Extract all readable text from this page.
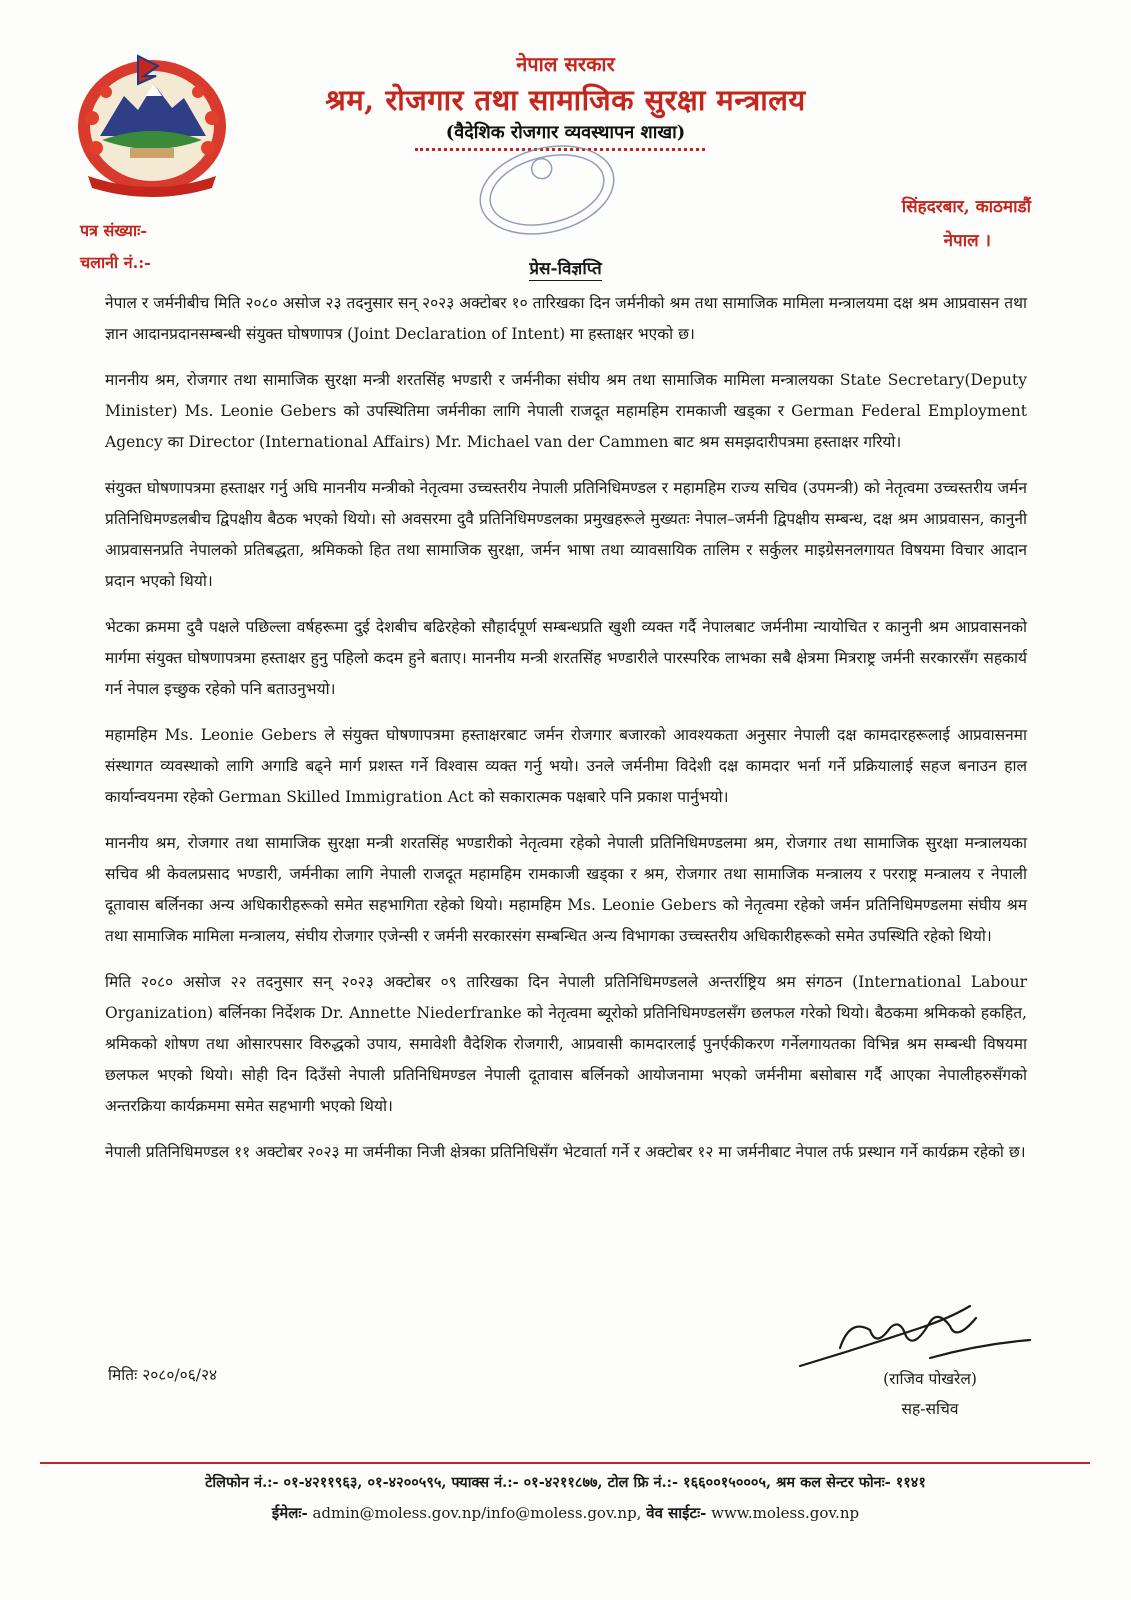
नेपाल सरकार
श्रम, रोजगार तथा सामाजिक सुरक्षा मन्त्रालय
(वैदेशिक रोजगार व्यवस्थापन शाखा)
पत्र संख्याः-
चलानी नं.:-
सिंहदरबार, काठमाडौं
नेपाल ।
प्रेस-विज्ञप्ति

नेपाल र जर्मनीबीच मिति २०८० असोज २३ तदनुसार सन् २०२३ अक्टोबर १० तारिखका दिन जर्मनीको श्रम तथा सामाजिक मामिला मन्त्रालयमा दक्ष श्रम आप्रवासन तथा ज्ञान आदानप्रदानसम्बन्धी संयुक्त घोषणापत्र (Joint Declaration of Intent) मा हस्ताक्षर भएको छ।

माननीय श्रम, रोजगार तथा सामाजिक सुरक्षा मन्त्री शरतसिंह भण्डारी र जर्मनीका संघीय श्रम तथा सामाजिक मामिला मन्त्रालयका State Secretary(Deputy Minister) Ms. Leonie Gebers को उपस्थितिमा जर्मनीका लागि नेपाली राजदूत महामहिम रामकाजी खड्का र German Federal Employment Agency का Director (International Affairs) Mr. Michael van der Cammen बाट श्रम समझदारीपत्रमा हस्ताक्षर गरियो।

संयुक्त घोषणापत्रमा हस्ताक्षर गर्नु अघि माननीय मन्त्रीको नेतृत्वमा उच्चस्तरीय नेपाली प्रतिनिधिमण्डल र महामहिम राज्य सचिव (उपमन्त्री) को नेतृत्वमा उच्चस्तरीय जर्मन प्रतिनिधिमण्डलबीच द्विपक्षीय बैठक भएको थियो। सो अवसरमा दुवै प्रतिनिधिमण्डलका प्रमुखहरूले मुख्यतः नेपाल–जर्मनी द्विपक्षीय सम्बन्ध, दक्ष श्रम आप्रवासन, कानुनी आप्रवासनप्रति नेपालको प्रतिबद्धता, श्रमिकको हित तथा सामाजिक सुरक्षा, जर्मन भाषा तथा व्यावसायिक तालिम र सर्कुलर माइग्रेसनलगायत विषयमा विचार आदान प्रदान भएको थियो।

भेटका क्रममा दुवै पक्षले पछिल्ला वर्षहरूमा दुई देशबीच बढिरहेको सौहार्दपूर्ण सम्बन्धप्रति खुशी व्यक्त गर्दै नेपालबाट जर्मनीमा न्यायोचित र कानुनी श्रम आप्रवासनको मार्गमा संयुक्त घोषणापत्रमा हस्ताक्षर हुनु पहिलो कदम हुने बताए। माननीय मन्त्री शरतसिंह भण्डारीले पारस्परिक लाभका सबै क्षेत्रमा मित्रराष्ट्र जर्मनी सरकारसँग सहकार्य गर्न नेपाल इच्छुक रहेको पनि बताउनुभयो।

महामहिम Ms. Leonie Gebers ले संयुक्त घोषणापत्रमा हस्ताक्षरबाट जर्मन रोजगार बजारको आवश्यकता अनुसार नेपाली दक्ष कामदारहरूलाई आप्रवासनमा संस्थागत व्यवस्थाको लागि अगाडि बढ्ने मार्ग प्रशस्त गर्ने विश्वास व्यक्त गर्नु भयो। उनले जर्मनीमा विदेशी दक्ष कामदार भर्ना गर्ने प्रक्रियालाई सहज बनाउन हाल कार्यान्वयनमा रहेको German Skilled Immigration Act को सकारात्मक पक्षबारे पनि प्रकाश पार्नुभयो।

माननीय श्रम, रोजगार तथा सामाजिक सुरक्षा मन्त्री शरतसिंह भण्डारीको नेतृत्वमा रहेको नेपाली प्रतिनिधिमण्डलमा श्रम, रोजगार तथा सामाजिक सुरक्षा मन्त्रालयका सचिव श्री केवलप्रसाद भण्डारी, जर्मनीका लागि नेपाली राजदूत महामहिम रामकाजी खड्का र श्रम, रोजगार तथा सामाजिक मन्त्रालय र परराष्ट्र मन्त्रालय र नेपाली दूतावास बर्लिनका अन्य अधिकारीहरूको समेत सहभागिता रहेको थियो। महामहिम Ms. Leonie Gebers को नेतृत्वमा रहेको जर्मन प्रतिनिधिमण्डलमा संघीय श्रम तथा सामाजिक मामिला मन्त्रालय, संघीय रोजगार एजेन्सी र जर्मनी सरकारसंग सम्बन्धित अन्य विभागका उच्चस्तरीय अधिकारीहरूको समेत उपस्थिति रहेको थियो।

मिति २०८० असोज २२ तदनुसार सन् २०२३ अक्टोबर ०९ तारिखका दिन नेपाली प्रतिनिधिमण्डलले अन्तर्राष्ट्रिय श्रम संगठन (International Labour Organization) बर्लिनका निर्देशक Dr. Annette Niederfranke को नेतृत्वमा ब्यूरोको प्रतिनिधिमण्डलसँग छलफल गरेको थियो। बैठकमा श्रमिकको हकहित, श्रमिकको शोषण तथा ओसारपसार विरुद्धको उपाय, समावेशी वैदेशिक रोजगारी, आप्रवासी कामदारलाई पुनर्एकीकरण गर्नेलगायतका विभिन्न श्रम सम्बन्धी विषयमा छलफल भएको थियो। सोही दिन दिउँसो नेपाली प्रतिनिधिमण्डल नेपाली दूतावास बर्लिनको आयोजनामा भएको जर्मनीमा बसोबास गर्दै आएका नेपालीहरुसँगको अन्तरक्रिया कार्यक्रममा समेत सहभागी भएको थियो।

नेपाली प्रतिनिधिमण्डल ११ अक्टोबर २०२३ मा जर्मनीका निजी क्षेत्रका प्रतिनिधिसँग भेटवार्ता गर्ने र अक्टोबर १२ मा जर्मनीबाट नेपाल तर्फ प्रस्थान गर्ने कार्यक्रम रहेको छ।

मितिः २०८०/०६/२४	(राजिव पोखरेल)
सह-सचिव
टेलिफोन नं.:- ०१-४२११९६३, ०१-४२००५९५, फ्याक्स नं.:- ०१-४२११८७७, टोल फ्रि नं.:- १६६००१५०००५, श्रम कल सेन्टर फोनः- ११४१
ईमेलः- admin@moless.gov.np/info@moless.gov.np, वेव साईटः- www.moless.gov.np
